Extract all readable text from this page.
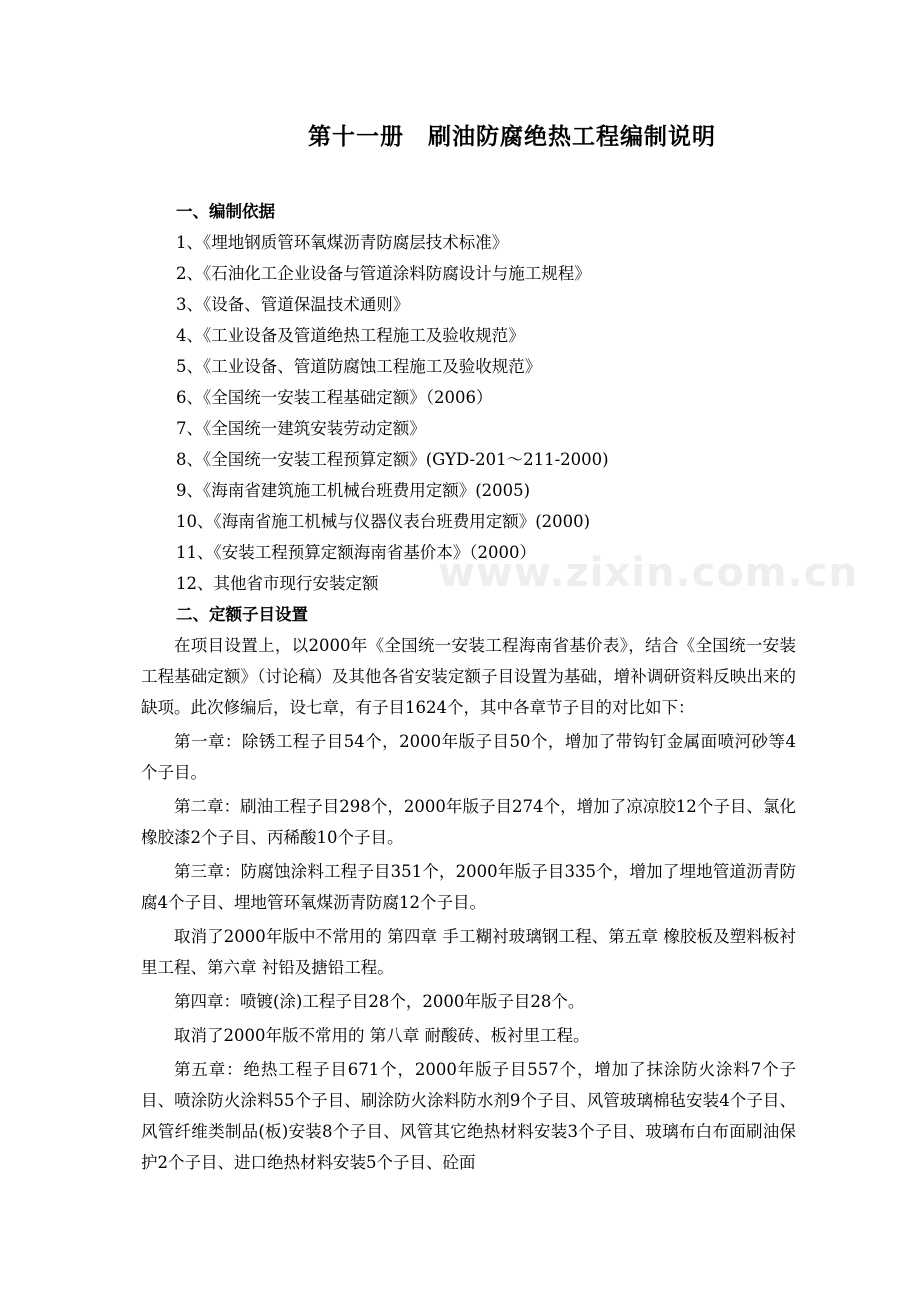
第十一册　刷油防腐绝热工程编制说明
一、编制依据
1、《埋地钢质管环氧煤沥青防腐层技术标准》
2、《石油化工企业设备与管道涂料防腐设计与施工规程》
3、《设备、管道保温技术通则》
4、《工业设备及管道绝热工程施工及验收规范》
5、《工业设备、管道防腐蚀工程施工及验收规范》
6、《全国统一安装工程基础定额》（2006）
7、《全国统一建筑安装劳动定额》
8、《全国统一安装工程预算定额》(GYD-201～211-2000)
9、《海南省建筑施工机械台班费用定额》(2005)
10、《海南省施工机械与仪器仪表台班费用定额》(2000)
11、《安装工程预算定额海南省基价本》（2000）
12、其他省市现行安装定额
二、定额子目设置

在项目设置上，以2000年《全国统一安装工程海南省基价表》，结合《全国统一安装工程基础定额》（讨论稿）及其他各省安装定额子目设置为基础，增补调研资料反映出来的缺项。此次修编后，设七章，有子目1624个，其中各章节子目的对比如下：

第一章：除锈工程子目54个，2000年版子目50个，增加了带钩钉金属面喷河砂等4个子目。

第二章：刷油工程子目298个，2000年版子目274个，增加了凉凉胶12个子目、氯化橡胶漆2个子目、丙稀酸10个子目。

第三章：防腐蚀涂料工程子目351个，2000年版子目335个，增加了埋地管道沥青防腐4个子目、埋地管环氧煤沥青防腐12个子目。

取消了2000年版中不常用的 第四章 手工糊衬玻璃钢工程、第五章 橡胶板及塑料板衬里工程、第六章 衬铅及搪铅工程。

第四章：喷镀(涂)工程子目28个，2000年版子目28个。

取消了2000年版不常用的 第八章 耐酸砖、板衬里工程。

第五章：绝热工程子目671个，2000年版子目557个，增加了抹涂防火涂料7个子目、喷涂防火涂料55个子目、刷涂防火涂料防水剂9个子目、风管玻璃棉毡安装4个子目、风管纤维类制品(板)安装8个子目、风管其它绝热材料安装3个子目、玻璃布白布面刷油保护2个子目、进口绝热材料安装5个子目、砼面

www.zixin.com.cn
